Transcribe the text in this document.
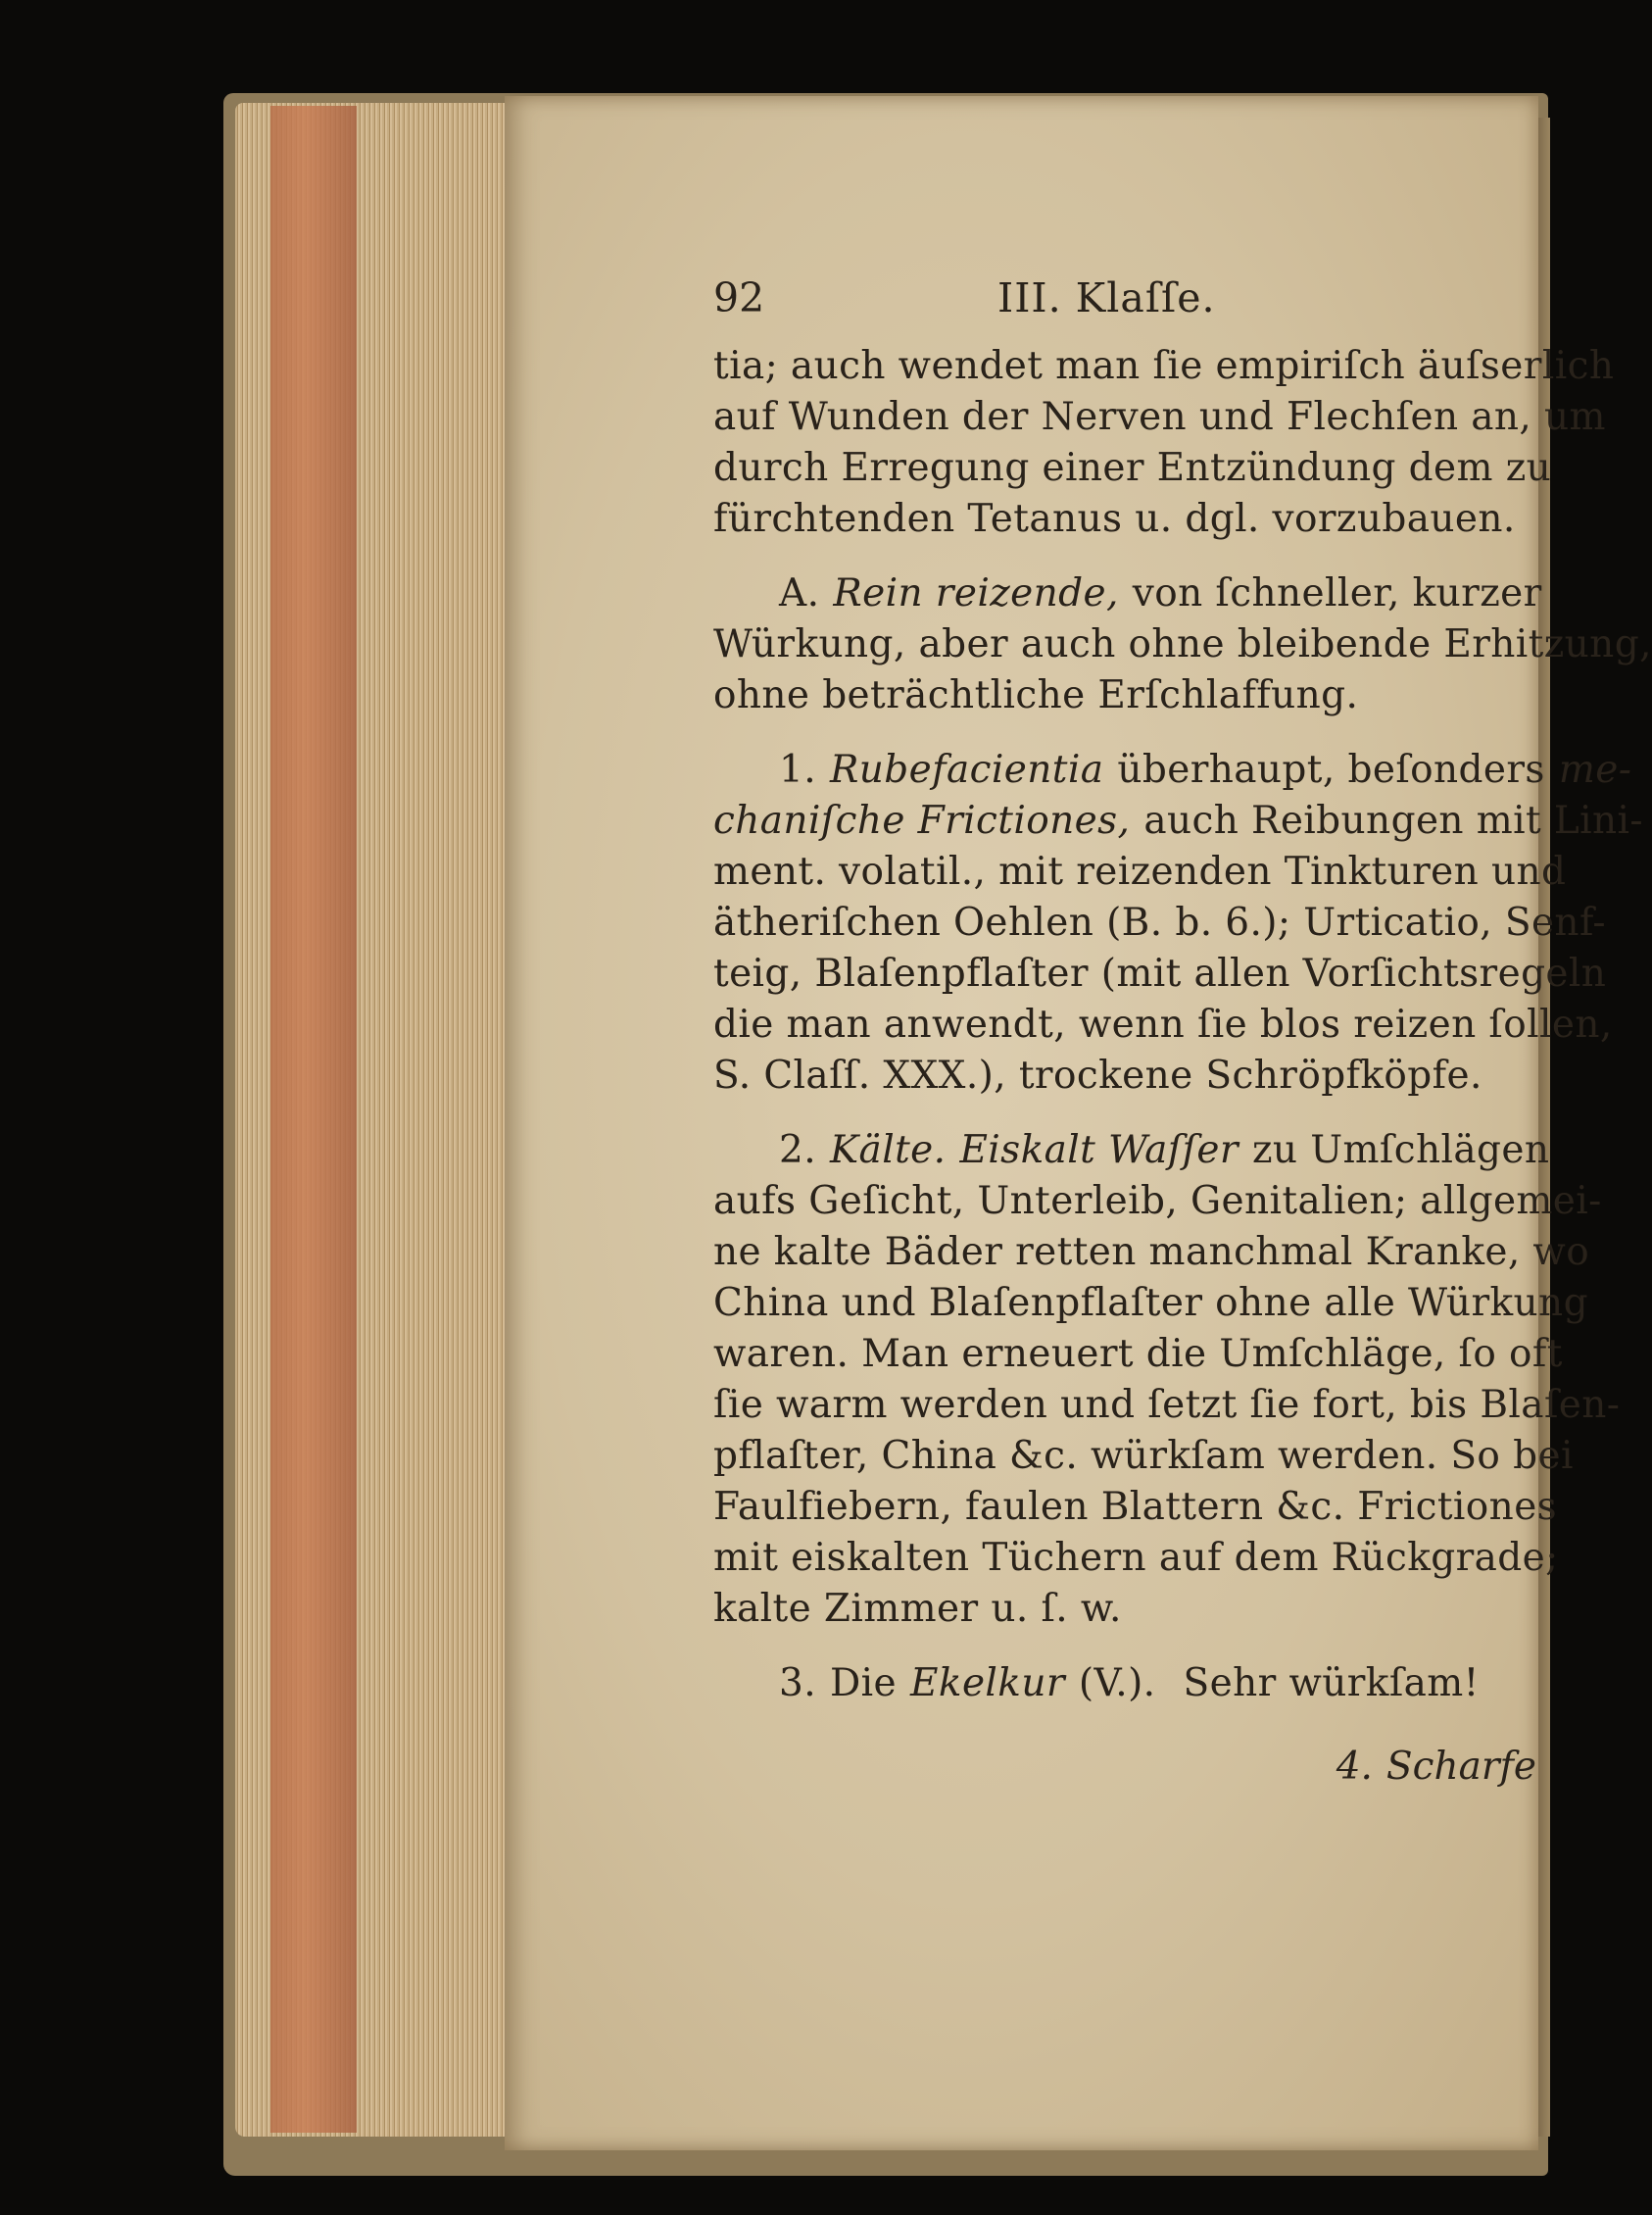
92	III. Klaſſe.
tia; auch wendet man ſie empiriſch äuſserlich
auf Wunden der Nerven und Flechſen an, um
durch Erregung einer Entzündung dem zu
fürchtenden Tetanus u. dgl. vorzubauen.
A. Rein reizende, von ſchneller, kurzer
Würkung, aber auch ohne bleibende Erhitzung,
ohne beträchtliche Erſchlaffung.
1. Rubefacientia überhaupt, beſonders me-
chaniſche Frictiones, auch Reibungen mit Lini-
ment. volatil., mit reizenden Tinkturen und
ätheriſchen Oehlen (B. b. 6.); Urticatio, Senf-
teig, Blaſenpflaſter (mit allen Vorſichtsregeln
die man anwendt, wenn ſie blos reizen ſollen,
S. Claſſ. XXX.), trockene Schröpfköpfe.
2. Kälte. Eiskalt Waſſer zu Umſchlägen
aufs Geſicht, Unterleib, Genitalien; allgemei-
ne kalte Bäder retten manchmal Kranke, wo
China und Blaſenpflaſter ohne alle Würkung
waren. Man erneuert die Umſchläge, ſo oft
ſie warm werden und ſetzt ſie fort, bis Blaſen-
pflaſter, China &c. würkſam werden. So bei
Faulfiebern, faulen Blattern &c. Frictiones
mit eiskalten Tüchern auf dem Rückgrade;
kalte Zimmer u. ſ. w.
3. Die Ekelkur (V.). Sehr würkſam!
4. Scharfe
